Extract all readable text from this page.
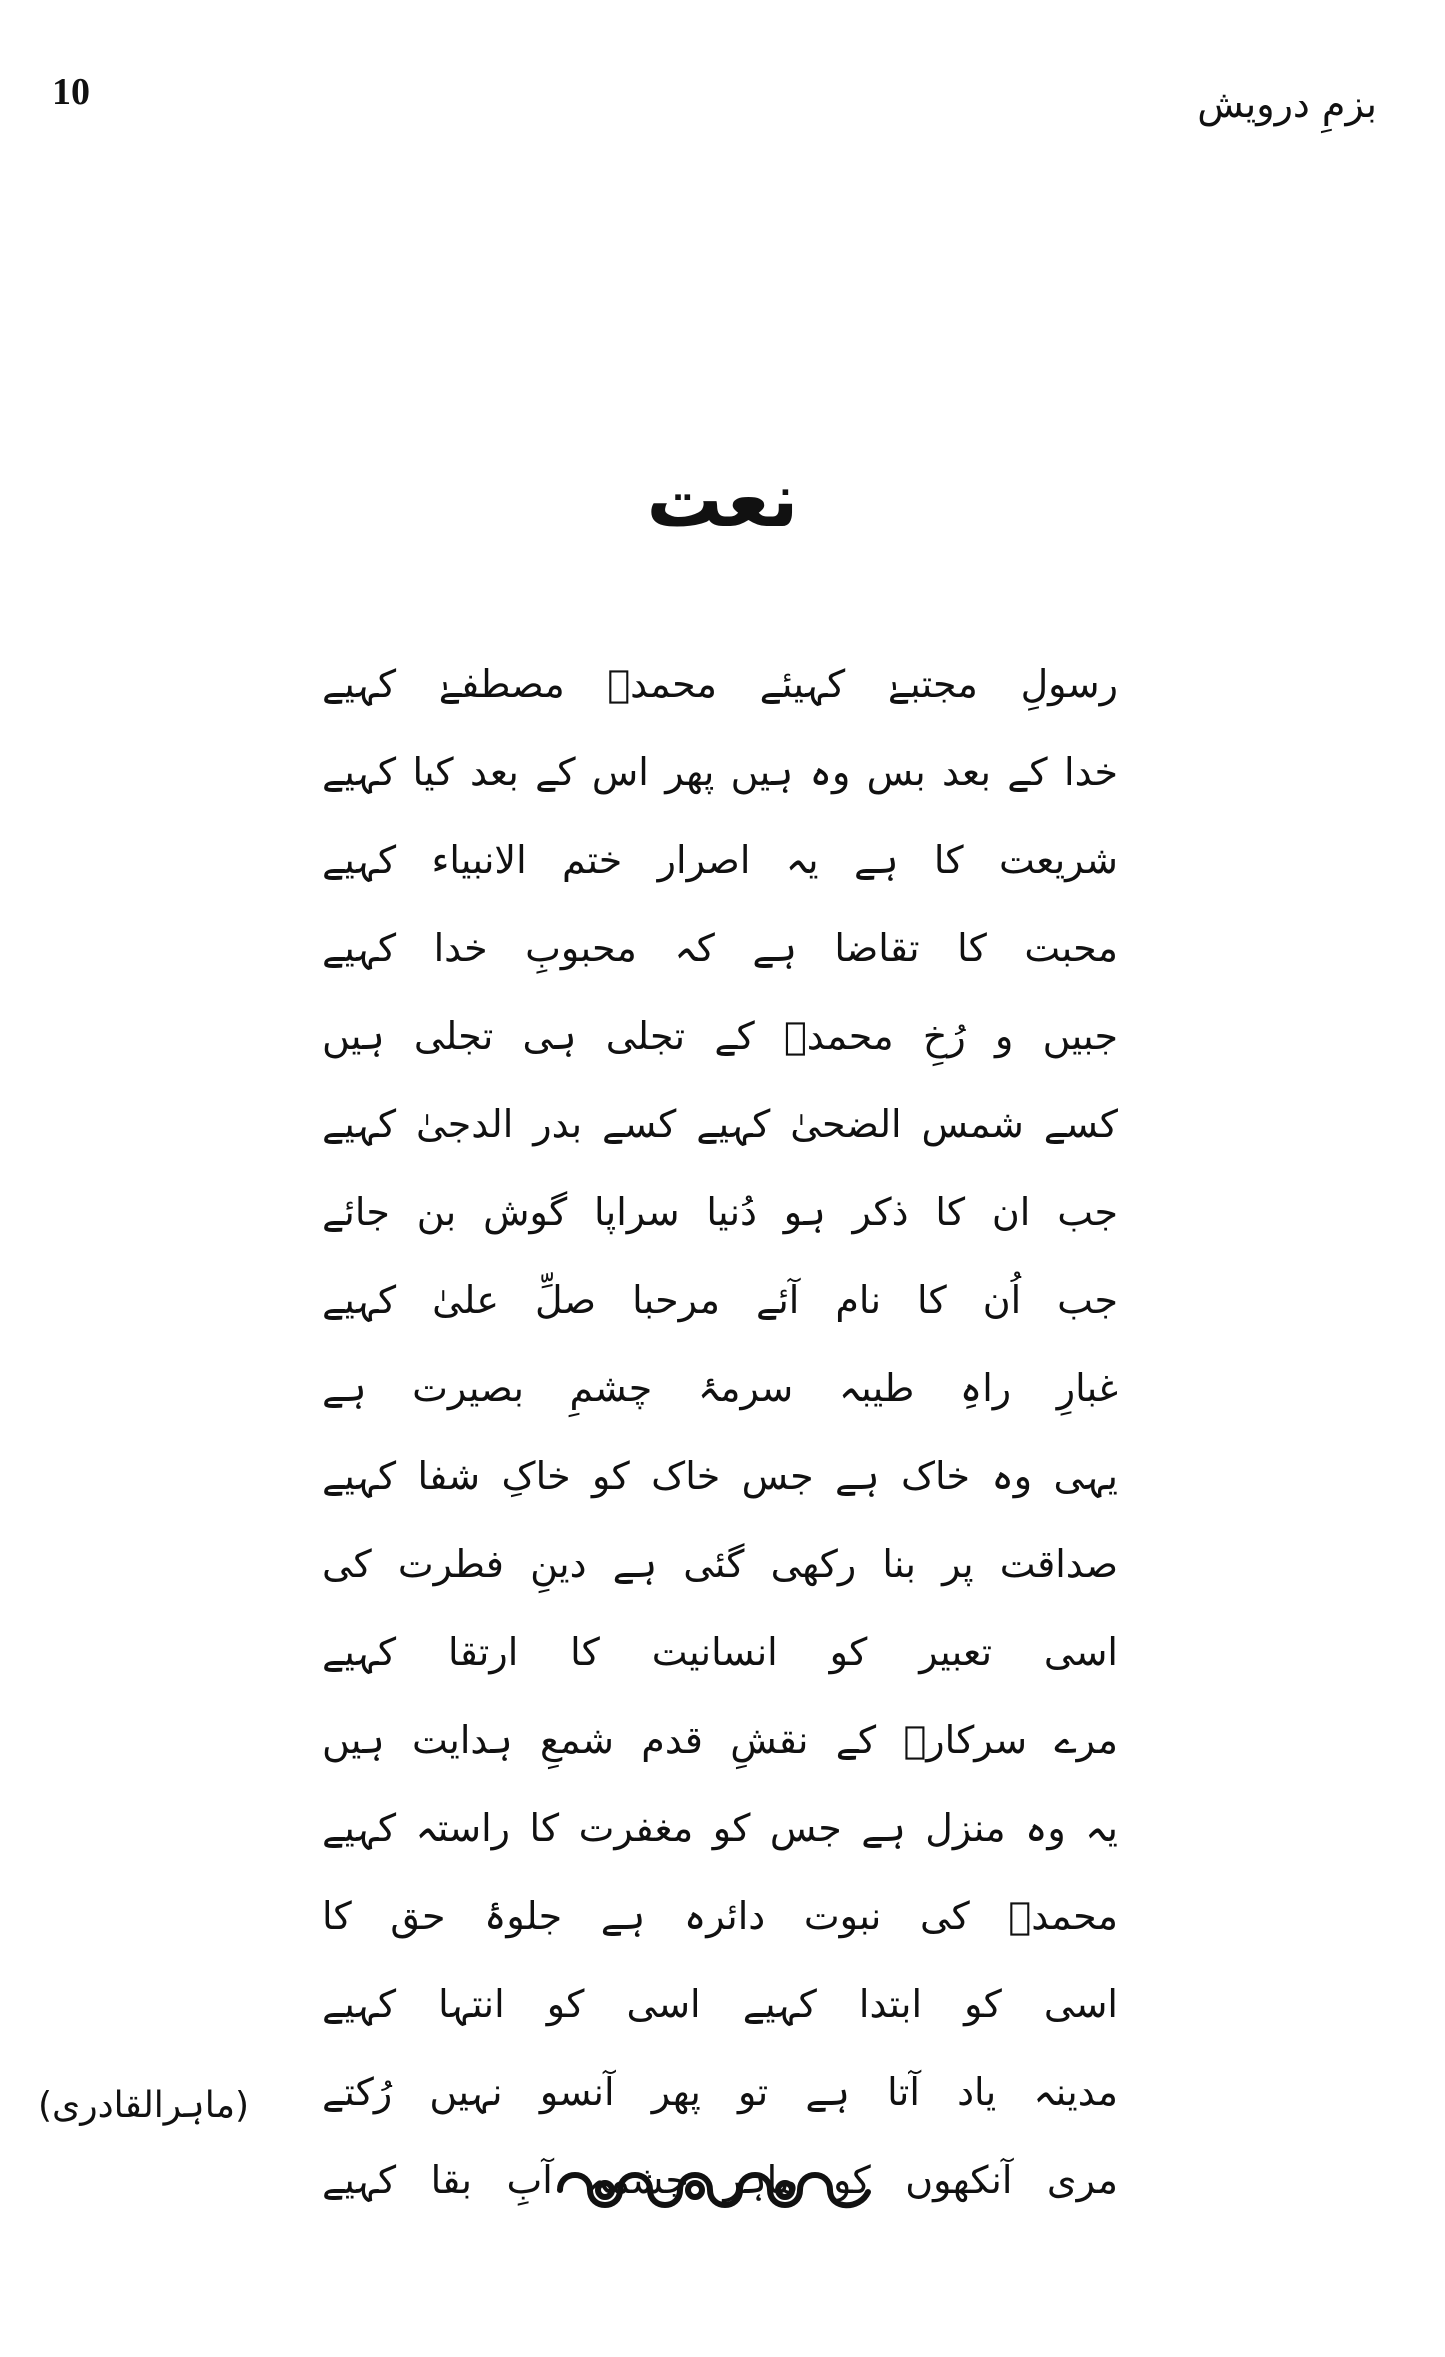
10	بزمِ درویش
نعت
رسولِ مجتبےٰ کہیئے محمدؐ مصطفےٰ کہیے
خدا کے بعد بس وہ ہیں پھر اس کے بعد کیا کہیے
شریعت کا ہے یہ اصرار ختم الانبیاء کہیے
محبت کا تقاضا ہے کہ محبوبِ خدا کہیے
جبیں و رُخِ محمدؐ کے تجلی ہی تجلی ہیں
کسے شمس الضحیٰ کہیے کسے بدر الدجیٰ کہیے
جب ان کا ذکر ہو دُنیا سراپا گوش بن جائے
جب اُن کا نام آئے مرحبا صلِّ علیٰ کہیے
غبارِ راہِ طیبہ سرمۂ چشمِ بصیرت ہے
یہی وہ خاک ہے جس خاک کو خاکِ شفا کہیے
صداقت پر بنا رکھی گئی ہے دینِ فطرت کی
اسی تعبیر کو انسانیت کا ارتقا کہیے
مرے سرکارؐ کے نقشِ قدم شمعِ ہدایت ہیں
یہ وہ منزل ہے جس کو مغفرت کا راستہ کہیے
محمدؐ کی نبوت دائرہ ہے جلوۂ حق کا
اسی کو ابتدا کہیے اسی کو انتہا کہیے
مدینہ یاد آتا ہے تو پھر آنسو نہیں رُکتے
مری آنکھوں کو ماہر چشمہ آبِ بقا کہیے
(ماہرالقادری)
